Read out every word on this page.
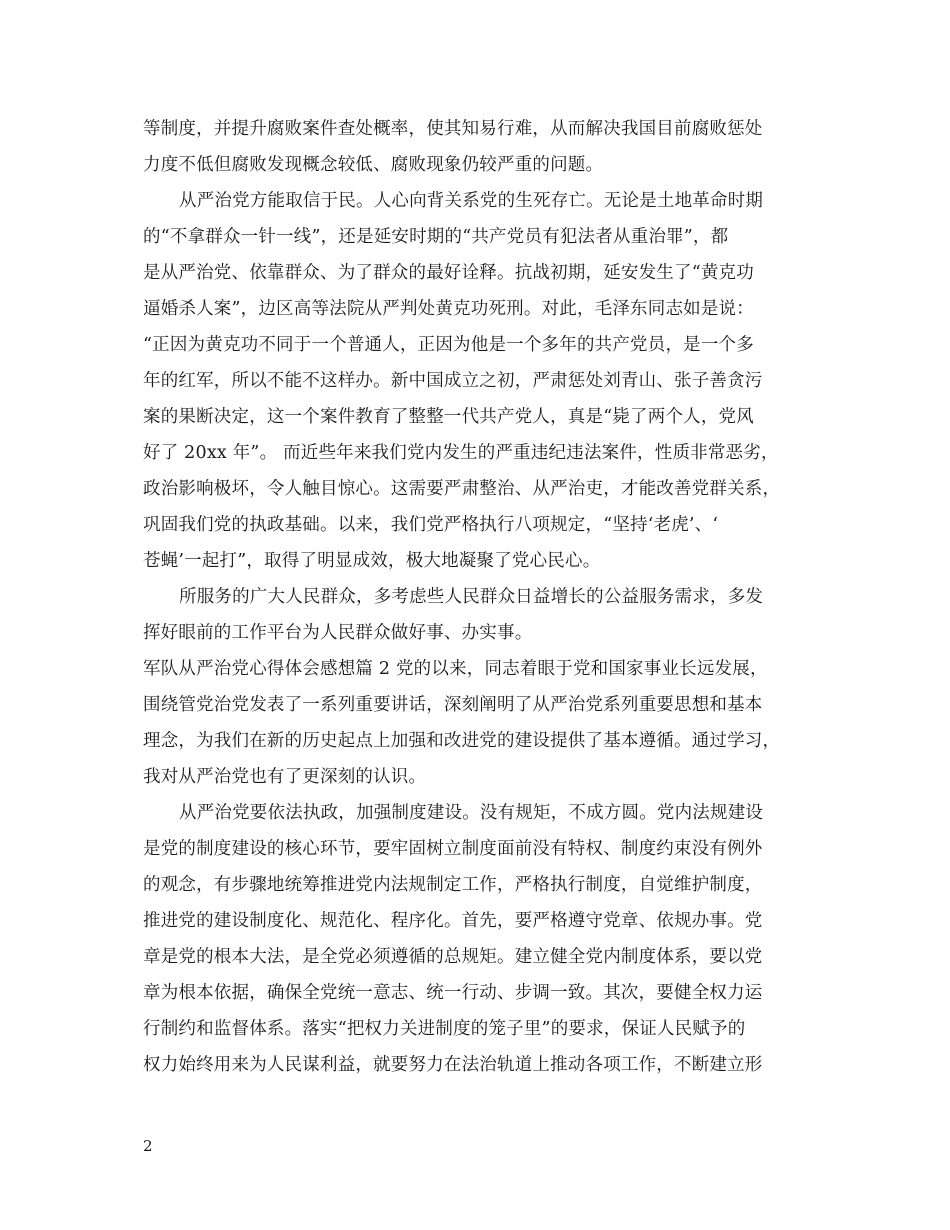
等制度，并提升腐败案件查处概率，使其知易行难，从而解决我国目前腐败惩处
力度不低但腐败发现概念较低、腐败现象仍较严重的问题。
从严治党方能取信于民。人心向背关系党的生死存亡。无论是土地革命时期
的“不拿群众一针一线”，还是延安时期的“共产党员有犯法者从重治罪”，都
是从严治党、依靠群众、为了群众的最好诠释。抗战初期，延安发生了“黄克功
逼婚杀人案”，边区高等法院从严判处黄克功死刑。对此，毛泽东同志如是说：
“正因为黄克功不同于一个普通人，正因为他是一个多年的共产党员，是一个多
年的红军，所以不能不这样办。新中国成立之初，严肃惩处刘青山、张子善贪污
案的果断决定，这一个案件教育了整整一代共产党人，真是“毙了两个人，党风
好了 20xx 年”。 而近些年来我们党内发生的严重违纪违法案件，性质非常恶劣，
政治影响极坏，令人触目惊心。这需要严肃整治、从严治吏，才能改善党群关系，
巩固我们党的执政基础。以来，我们党严格执行八项规定，“坚持‘老虎’、‘
苍蝇’一起打”，取得了明显成效，极大地凝聚了党心民心。
所服务的广大人民群众，多考虑些人民群众日益增长的公益服务需求，多发
挥好眼前的工作平台为人民群众做好事、办实事。
军队从严治党心得体会感想篇 2 党的以来，同志着眼于党和国家事业长远发展，
围绕管党治党发表了一系列重要讲话，深刻阐明了从严治党系列重要思想和基本
理念，为我们在新的历史起点上加强和改进党的建设提供了基本遵循。通过学习，
我对从严治党也有了更深刻的认识。
从严治党要依法执政，加强制度建设。没有规矩，不成方圆。党内法规建设
是党的制度建设的核心环节，要牢固树立制度面前没有特权、制度约束没有例外
的观念，有步骤地统筹推进党内法规制定工作，严格执行制度，自觉维护制度，
推进党的建设制度化、规范化、程序化。首先，要严格遵守党章、依规办事。党
章是党的根本大法，是全党必须遵循的总规矩。建立健全党内制度体系，要以党
章为根本依据，确保全党统一意志、统一行动、步调一致。其次，要健全权力运
行制约和监督体系。落实“把权力关进制度的笼子里”的要求，保证人民赋予的
权力始终用来为人民谋利益，就要努力在法治轨道上推动各项工作，不断建立形
2
